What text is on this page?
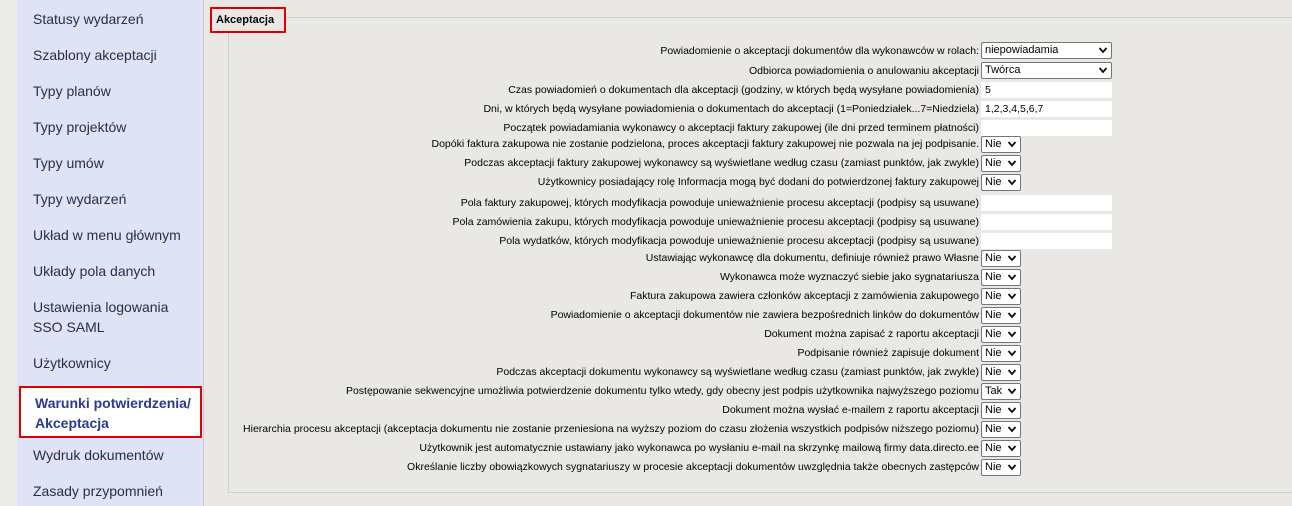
Statusy wydarzeń
Szablony akceptacji
Typy planów
Typy projektów
Typy umów
Typy wydarzeń
Układ w menu głównym
Układy pola danych
Ustawienia logowania SSO SAML
Użytkownicy
Warunki potwierdzenia/ Akceptacja
Wydruk dokumentów
Zasady przypomnień
Akceptacja
Powiadomienie o akceptacji dokumentów dla wykonawców w rolach: niepowiadamia
Odbiorca powiadomienia o anulowaniu akceptacji Twórca
Czas powiadomień o dokumentach dla akceptacji (godziny, w których będą wysyłane powiadomienia)
5
Dni, w których będą wysyłane powiadomienia o dokumentach do akceptacji (1=Poniedziałek...7=Niedziela)
1,2,3,4,5,6,7
Początek powiadamiania wykonawcy o akceptacji faktury zakupowej (ile dni przed terminem płatności)
Dopóki faktura zakupowa nie zostanie podzielona, proces akceptacji faktury zakupowej nie pozwala na jej podpisanie. Nie
Podczas akceptacji faktury zakupowej wykonawcy są wyświetlane według czasu (zamiast punktów, jak zwykle) Nie
Użytkownicy posiadający rolę Informacja mogą być dodani do potwierdzonej faktury zakupowej Nie
Pola faktury zakupowej, których modyfikacja powoduje unieważnienie procesu akceptacji (podpisy są usuwane)
Pola zamówienia zakupu, których modyfikacja powoduje unieważnienie procesu akceptacji (podpisy są usuwane)
Pola wydatków, których modyfikacja powoduje unieważnienie procesu akceptacji (podpisy są usuwane)
Ustawiając wykonawcę dla dokumentu, definiuje również prawo Własne Nie
Wykonawca może wyznaczyć siebie jako sygnatariusza Nie
Faktura zakupowa zawiera członków akceptacji z zamówienia zakupowego Nie
Powiadomienie o akceptacji dokumentów nie zawiera bezpośrednich linków do dokumentów Nie
Dokument można zapisać z raportu akceptacji Nie
Podpisanie również zapisuje dokument Nie
Podczas akceptacji dokumentu wykonawcy są wyświetlane według czasu (zamiast punktów, jak zwykle) Nie
Postępowanie sekwencyjne umożliwia potwierdzenie dokumentu tylko wtedy, gdy obecny jest podpis użytkownika najwyższego poziomu Tak
Dokument można wysłać e-mailem z raportu akceptacji Nie
Hierarchia procesu akceptacji (akceptacja dokumentu nie zostanie przeniesiona na wyższy poziom do czasu złożenia wszystkich podpisów niższego poziomu) Nie
Użytkownik jest automatycznie ustawiany jako wykonawca po wysłaniu e-mail na skrzynkę mailową firmy data.directo.ee Nie
Określanie liczby obowiązkowych sygnatariuszy w procesie akceptacji dokumentów uwzględnia także obecnych zastępców Nie
